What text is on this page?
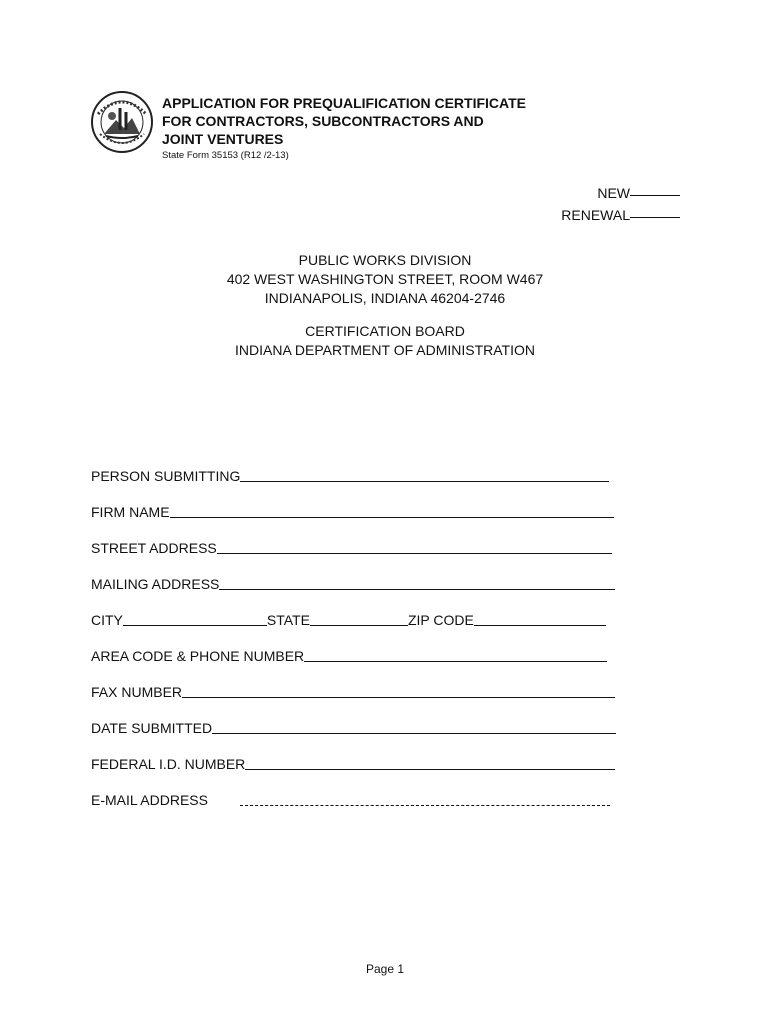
APPLICATION FOR PREQUALIFICATION CERTIFICATE
FOR CONTRACTORS, SUBCONTRACTORS AND
JOINT VENTURES
State Form 35153 (R12 /2-13)
NEW
RENEWAL
PUBLIC WORKS DIVISION
402 WEST WASHINGTON STREET, ROOM W467
INDIANAPOLIS, INDIANA 46204-2746
CERTIFICATION BOARD
INDIANA DEPARTMENT OF ADMINISTRATION
PERSON SUBMITTING
FIRM NAME
STREET ADDRESS
MAILING ADDRESS
CITY	STATE	ZIP CODE
AREA CODE & PHONE NUMBER
FAX NUMBER
DATE SUBMITTED
FEDERAL I.D. NUMBER
E-MAIL ADDRESS
Page 1
